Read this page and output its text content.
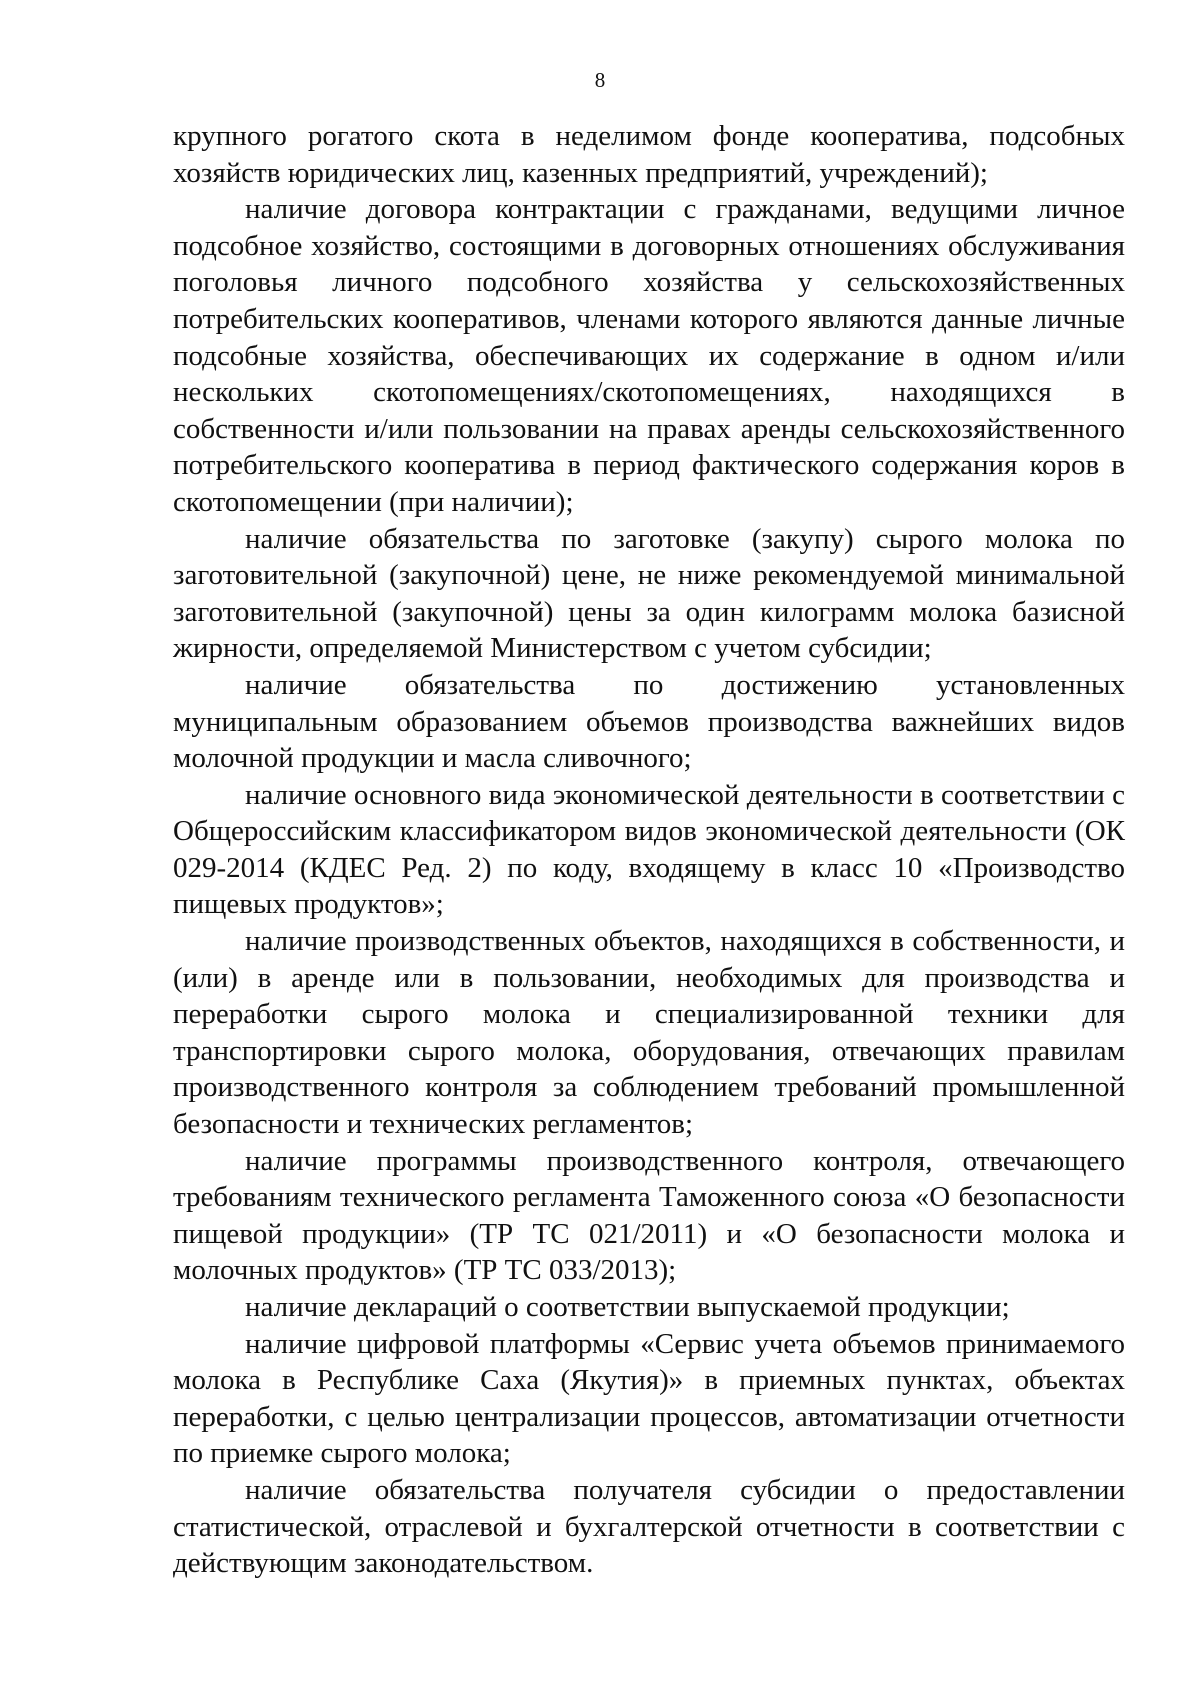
8

крупного рогатого скота в неделимом фонде кооператива, подсобных хозяйств юридических лиц, казенных предприятий, учреждений);

наличие договора контрактации с гражданами, ведущими личное подсобное хозяйство, состоящими в договорных отношениях обслуживания поголовья личного подсобного хозяйства у сельскохозяйственных потребительских кооперативов, членами которого являются данные личные подсобные хозяйства, обеспечивающих их содержание в одном и/или нескольких скотопомещениях/скотопомещениях, находящихся в собственности и/или пользовании на правах аренды сельскохозяйственного потребительского кооператива в период фактического содержания коров в скотопомещении (при наличии);

наличие обязательства по заготовке (закупу) сырого молока по заготовительной (закупочной) цене, не ниже рекомендуемой минимальной заготовительной (закупочной) цены за один килограмм молока базисной жирности, определяемой Министерством с учетом субсидии;

наличие обязательства по достижению установленных муниципальным образованием объемов производства важнейших видов молочной продукции и масла сливочного;

наличие основного вида экономической деятельности в соответствии с Общероссийским классификатором видов экономической деятельности (ОК 029-2014 (КДЕС Ред. 2) по коду, входящему в класс 10 «Производство пищевых продуктов»;

наличие производственных объектов, находящихся в собственности, и (или) в аренде или в пользовании, необходимых для производства и переработки сырого молока и специализированной техники для транспортировки сырого молока, оборудования, отвечающих правилам производственного контроля за соблюдением требований промышленной безопасности и технических регламентов;

наличие программы производственного контроля, отвечающего требованиям технического регламента Таможенного союза «О безопасности пищевой продукции» (ТР ТС 021/2011) и «О безопасности молока и молочных продуктов» (ТР ТС 033/2013);

наличие деклараций о соответствии выпускаемой продукции;

наличие цифровой платформы «Сервис учета объемов принимаемого молока в Республике Саха (Якутия)» в приемных пунктах, объектах переработки, с целью централизации процессов, автоматизации отчетности по приемке сырого молока;

наличие обязательства получателя субсидии о предоставлении статистической, отраслевой и бухгалтерской отчетности в соответствии с действующим законодательством.
